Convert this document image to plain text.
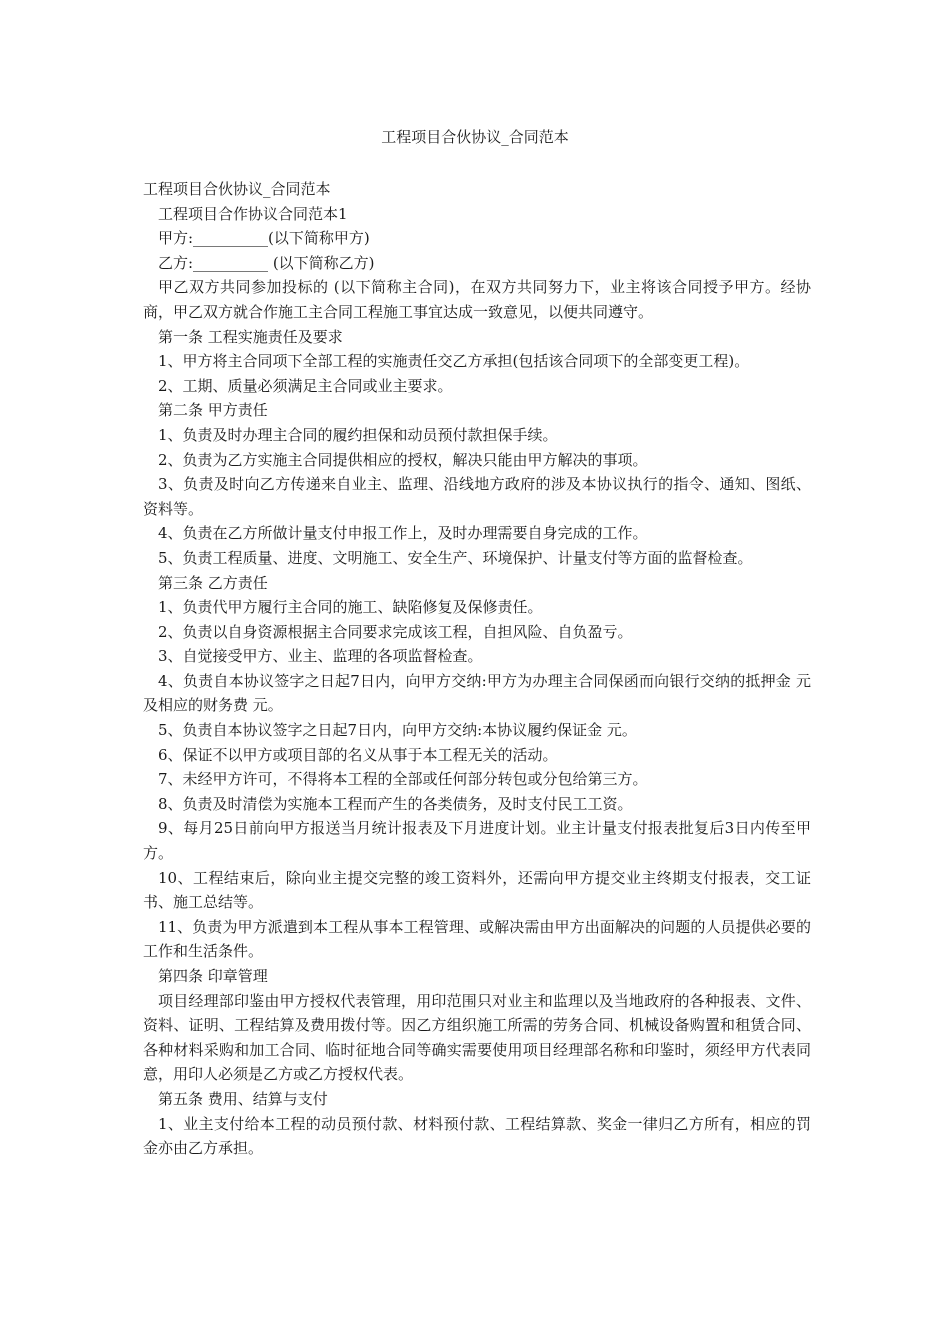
工程项目合伙协议_合同范本

工程项目合伙协议_合同范本

工程项目合作协议合同范本1

甲方:__________(以下简称甲方)

乙方:__________ (以下简称乙方)

甲乙双方共同参加投标的 (以下简称主合同)，在双方共同努力下，业主将该合同授予甲方。经协商，甲乙双方就合作施工主合同工程施工事宜达成一致意见，以便共同遵守。

第一条 工程实施责任及要求

1、甲方将主合同项下全部工程的实施责任交乙方承担(包括该合同项下的全部变更工程)。

2、工期、质量必须满足主合同或业主要求。

第二条 甲方责任

1、负责及时办理主合同的履约担保和动员预付款担保手续。

2、负责为乙方实施主合同提供相应的授权，解决只能由甲方解决的事项。

3、负责及时向乙方传递来自业主、监理、沿线地方政府的涉及本协议执行的指令、通知、图纸、资料等。

4、负责在乙方所做计量支付申报工作上，及时办理需要自身完成的工作。

5、负责工程质量、进度、文明施工、安全生产、环境保护、计量支付等方面的监督检查。

第三条 乙方责任

1、负责代甲方履行主合同的施工、缺陷修复及保修责任。

2、负责以自身资源根据主合同要求完成该工程，自担风险、自负盈亏。

3、自觉接受甲方、业主、监理的各项监督检查。

4、负责自本协议签字之日起7日内，向甲方交纳:甲方为办理主合同保函而向银行交纳的抵押金 元及相应的财务费 元。

5、负责自本协议签字之日起7日内，向甲方交纳:本协议履约保证金 元。

6、保证不以甲方或项目部的名义从事于本工程无关的活动。

7、未经甲方许可，不得将本工程的全部或任何部分转包或分包给第三方。

8、负责及时清偿为实施本工程而产生的各类债务，及时支付民工工资。

9、每月25日前向甲方报送当月统计报表及下月进度计划。业主计量支付报表批复后3日内传至甲方。

10、工程结束后，除向业主提交完整的竣工资料外，还需向甲方提交业主终期支付报表，交工证书、施工总结等。

11、负责为甲方派遣到本工程从事本工程管理、或解决需由甲方出面解决的问题的人员提供必要的工作和生活条件。

第四条 印章管理

项目经理部印鉴由甲方授权代表管理，用印范围只对业主和监理以及当地政府的各种报表、文件、资料、证明、工程结算及费用拨付等。因乙方组织施工所需的劳务合同、机械设备购置和租赁合同、各种材料采购和加工合同、临时征地合同等确实需要使用项目经理部名称和印鉴时，须经甲方代表同意，用印人必须是乙方或乙方授权代表。

第五条 费用、结算与支付

1、业主支付给本工程的动员预付款、材料预付款、工程结算款、奖金一律归乙方所有，相应的罚金亦由乙方承担。
